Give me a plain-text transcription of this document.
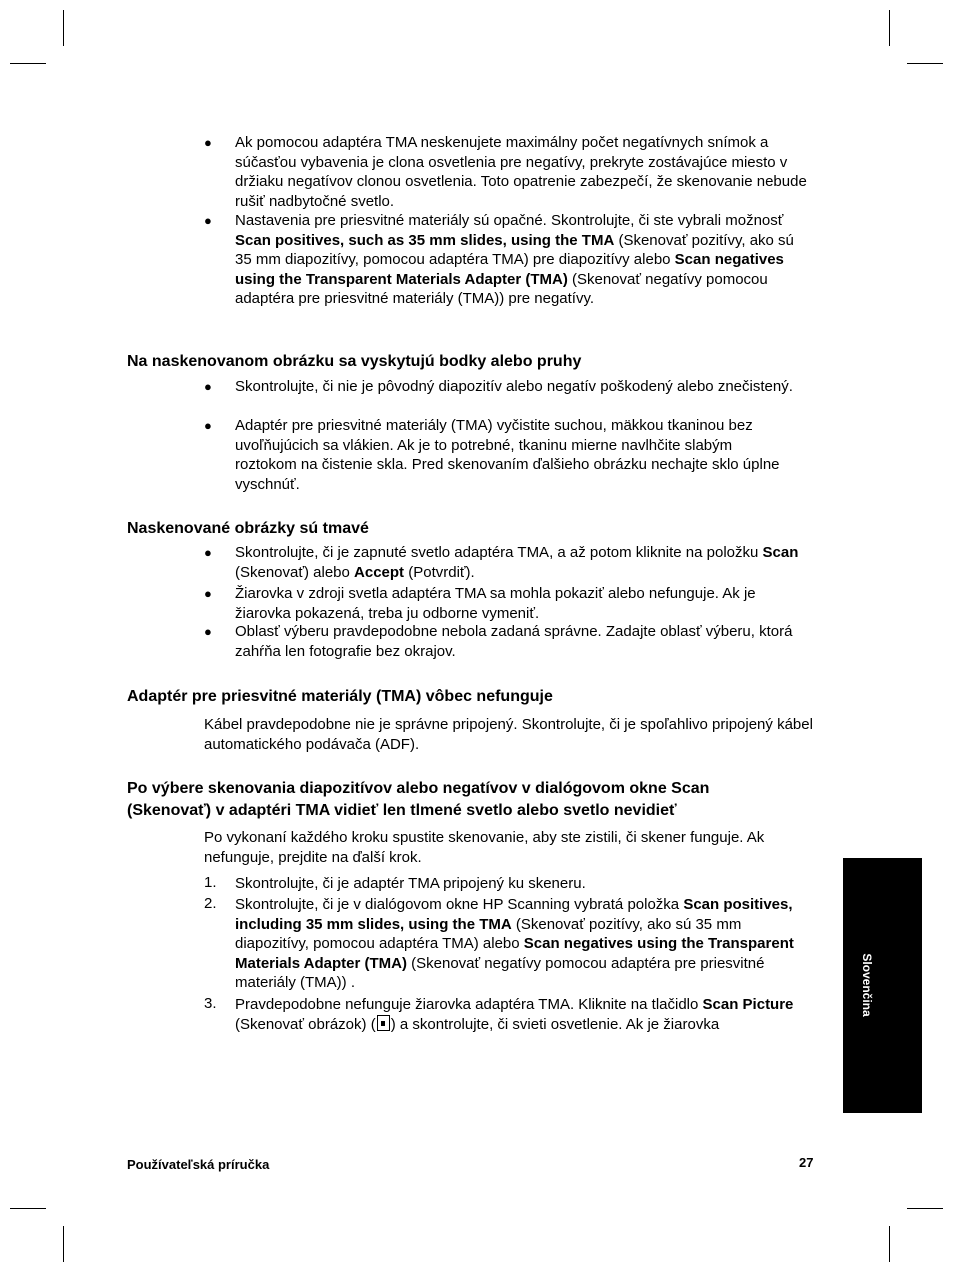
● Ak pomocou adaptéra TMA neskenujete maximálny počet negatívnych snímok a súčasťou vybavenia je clona osvetlenia pre negatívy, prekryte zostávajúce miesto v držiaku negatívov clonou osvetlenia. Toto opatrenie zabezpečí, že skenovanie nebude rušiť nadbytočné svetlo.
● Nastavenia pre priesvitné materiály sú opačné. Skontrolujte, či ste vybrali možnosť Scan positives, such as 35 mm slides, using the TMA (Skenovať pozitívy, ako sú 35 mm diapozitívy, pomocou adaptéra TMA) pre diapozitívy alebo Scan negatives using the Transparent Materials Adapter (TMA) (Skenovať negatívy pomocou adaptéra pre priesvitné materiály (TMA)) pre negatívy.
Na naskenovanom obrázku sa vyskytujú bodky alebo pruhy
● Skontrolujte, či nie je pôvodný diapozitív alebo negatív poškodený alebo znečistený.
● Adaptér pre priesvitné materiály (TMA) vyčistite suchou, mäkkou tkaninou bez uvoľňujúcich sa vlákien. Ak je to potrebné, tkaninu mierne navlhčite slabým roztokom na čistenie skla. Pred skenovaním ďalšieho obrázku nechajte sklo úplne vyschnúť.
Naskenované obrázky sú tmavé
● Skontrolujte, či je zapnuté svetlo adaptéra TMA, a až potom kliknite na položku Scan (Skenovať) alebo Accept (Potvrdiť).
● Žiarovka v zdroji svetla adaptéra TMA sa mohla pokaziť alebo nefunguje. Ak je žiarovka pokazená, treba ju odborne vymeniť.
● Oblasť výberu pravdepodobne nebola zadaná správne. Zadajte oblasť výberu, ktorá zahŕňa len fotografie bez okrajov.
Adaptér pre priesvitné materiály (TMA) vôbec nefunguje
Kábel pravdepodobne nie je správne pripojený. Skontrolujte, či je spoľahlivo pripojený kábel automatického podávača (ADF).
Po výbere skenovania diapozitívov alebo negatívov v dialógovom okne Scan
(Skenovať) v adaptéri TMA vidieť len tlmené svetlo alebo svetlo nevidieť
Po vykonaní každého kroku spustite skenovanie, aby ste zistili, či skener funguje. Ak nefunguje, prejdite na ďalší krok.
1. Skontrolujte, či je adaptér TMA pripojený ku skeneru.
2. Skontrolujte, či je v dialógovom okne HP Scanning vybratá položka Scan positives, including 35 mm slides, using the TMA (Skenovať pozitívy, ako sú 35 mm diapozitívy, pomocou adaptéra TMA) alebo Scan negatives using the Transparent Materials Adapter (TMA) (Skenovať negatívy pomocou adaptéra pre priesvitné materiály (TMA)) .
3. Pravdepodobne nefunguje žiarovka adaptéra TMA. Kliknite na tlačidlo Scan Picture (Skenovať obrázok) ( ) a skontrolujte, či svieti osvetlenie. Ak je žiarovka
Slovenčina
Používateľská príručka	27
